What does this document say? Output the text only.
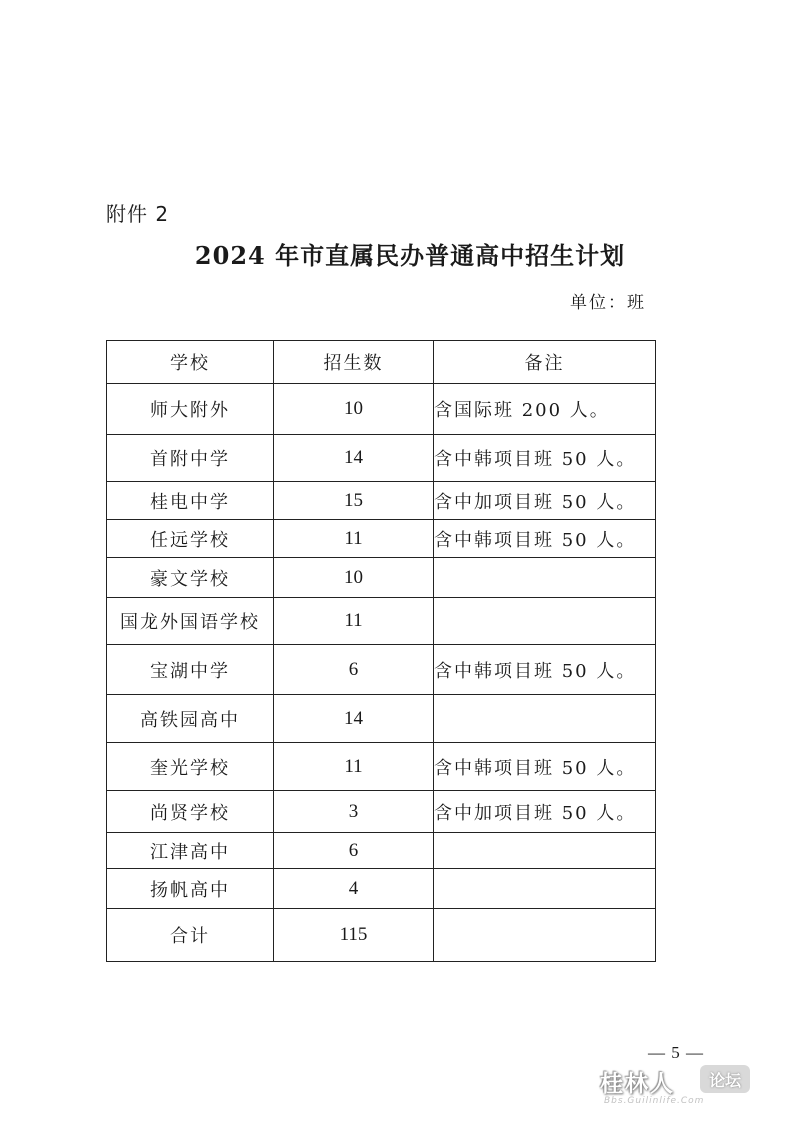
附件 2
2024 年市直属民办普通高中招生计划
单位：班
学校	招生数	备注
师大附外	10	含国际班 200 人。
首附中学	14	含中韩项目班 50 人。
桂电中学	15	含中加项目班 50 人。
任远学校	11	含中韩项目班 50 人。
豪文学校	10	
国龙外国语学校	11	
宝湖中学	6	含中韩项目班 50 人。
高铁园高中	14	
奎光学校	11	含中韩项目班 50 人。
尚贤学校	3	含中加项目班 50 人。
江津高中	6	
扬帆高中	4	
合计	115	
— 5 —
桂林人	论坛
Bbs.Guilinlife.Com
